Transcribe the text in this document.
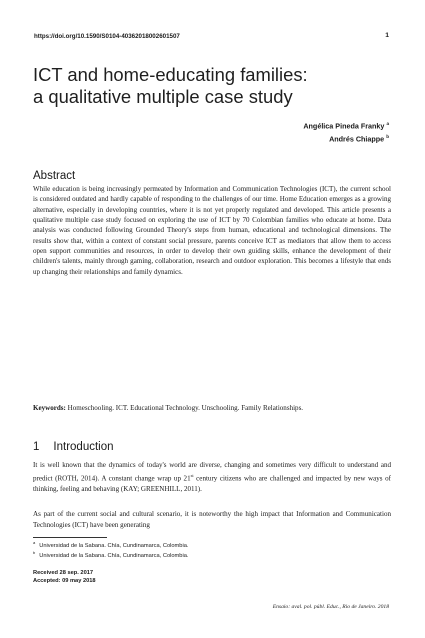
https://doi.org/10.1590/S0104-40362018002601507	1
ICT and home-educating families:
a qualitative multiple case study
Angélica Pineda Franky $^a$
Andrés Chiappe $^b$
Abstract

While education is being increasingly permeated by Information and Communication Technologies (ICT), the current school is considered outdated and hardly capable of responding to the challenges of our time. Home Education emerges as a growing alternative, especially in developing countries, where it is not yet properly regulated and developed. This article presents a qualitative multiple case study focused on exploring the use of ICT by 70 Colombian families who educate at home. Data analysis was conducted following Grounded Theory's steps from human, educational and technological dimensions. The results show that, within a context of constant social pressure, parents conceive ICT as mediators that allow them to access open support communities and resources, in order to develop their own guiding skills, enhance the development of their children's talents, mainly through gaming, collaboration, research and outdoor exploration. This becomes a lifestyle that ends up changing their relationships and family dynamics.

Keywords: Homeschooling. ICT. Educational Technology. Unschooling. Family Relationships.

1 Introduction

It is well known that the dynamics of today's world are diverse, changing and sometimes very difficult to understand and predict (ROTH, 2014). A constant change wrap up 21st century citizens who are challenged and impacted by new ways of thinking, feeling and behaving (KAY; GREENHILL, 2011).

As part of the current social and cultural scenario, it is noteworthy the high impact that Information and Communication Technologies (ICT) have been generating

$^a$Universidad de la Sabana. Chía, Cundinamarca, Colombia.
$^b$Universidad de la Sabana. Chía, Cundinamarca, Colombia.
Received 28 sep. 2017
Accepted: 09 may 2018
Ensaio: aval. pol. públ. Educ., Rio de Janeiro. 2018
